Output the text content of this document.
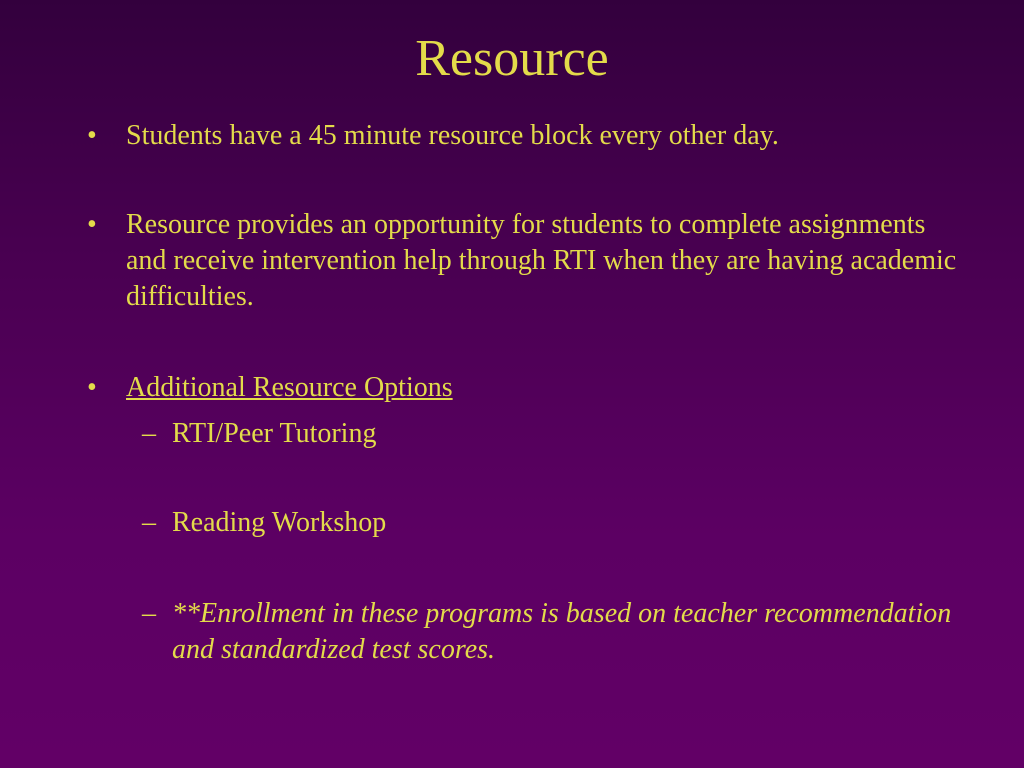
Resource
•	Students have a 45 minute resource block every other day.
•	Resource provides an opportunity for students to complete assignments and receive intervention help through RTI when they are having academic difficulties.
•	Additional Resource Options
– RTI/Peer Tutoring
– Reading Workshop
– **Enrollment in these programs is based on teacher recommendation and standardized test scores.
